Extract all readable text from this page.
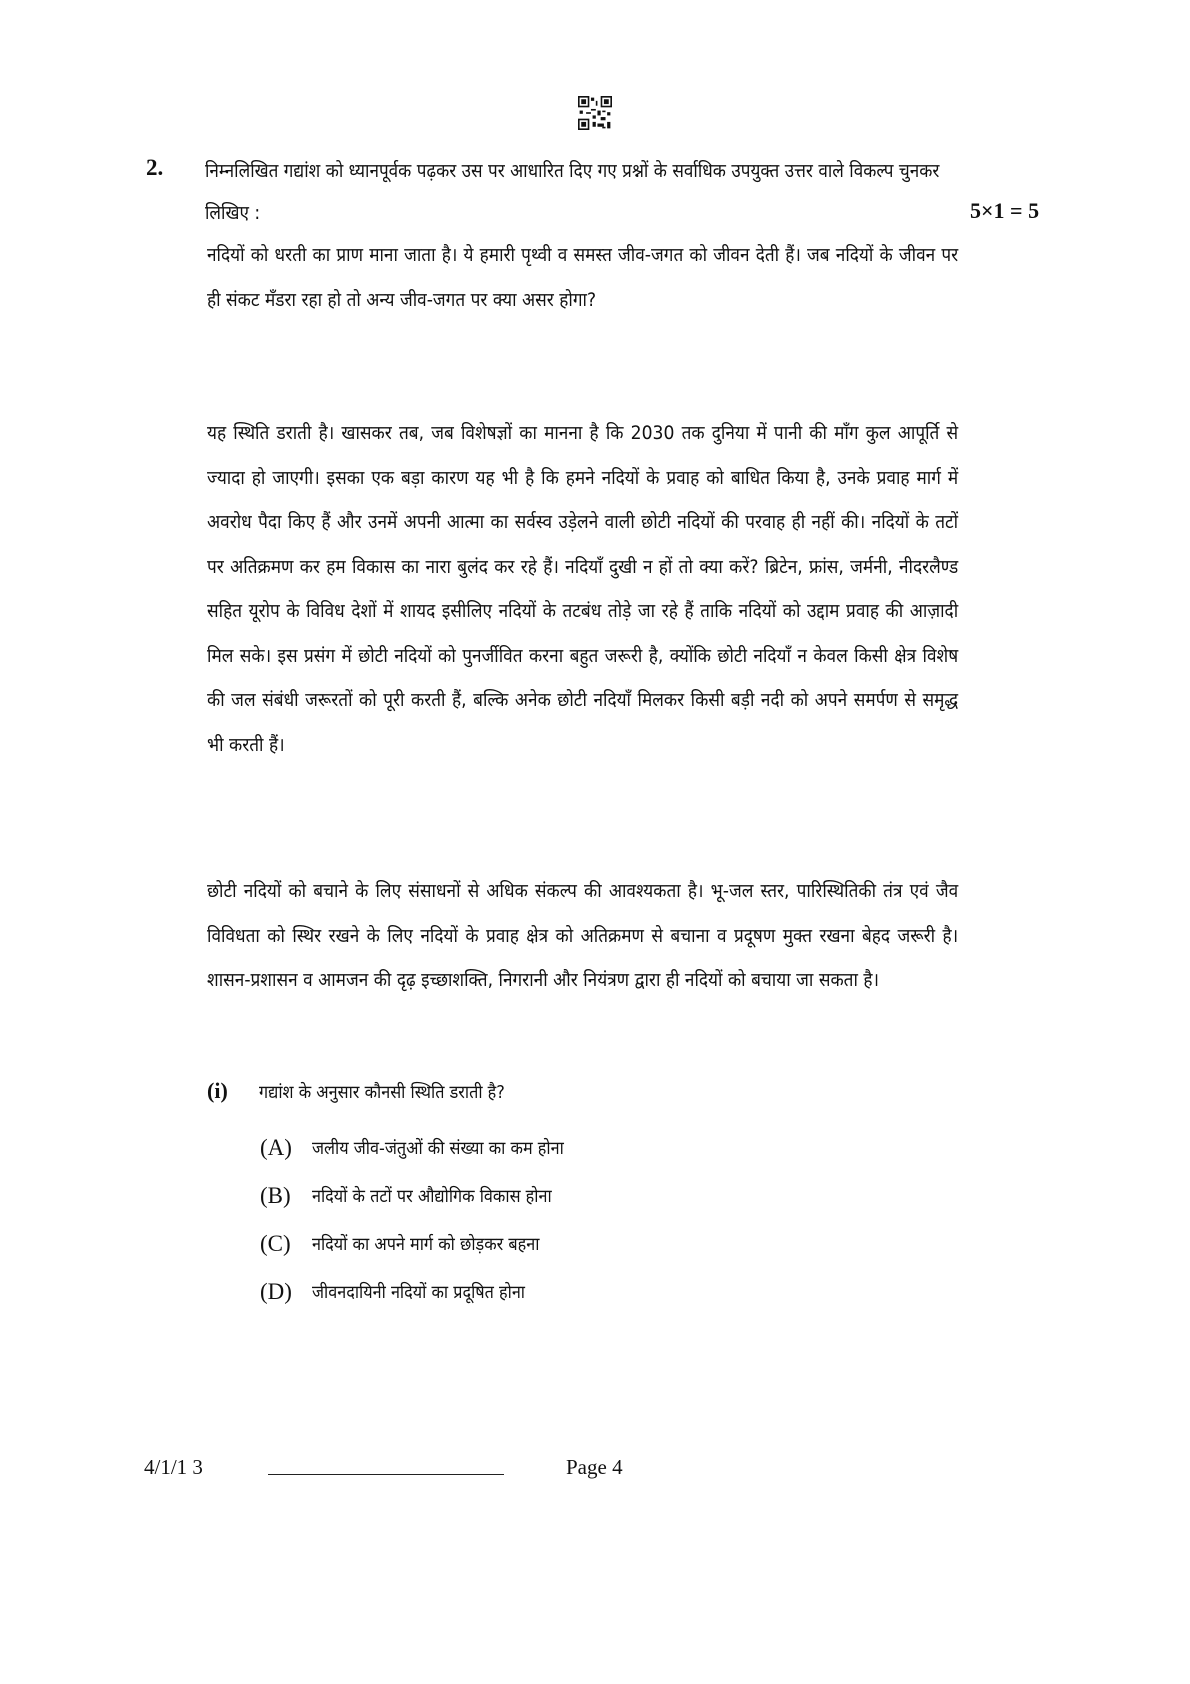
2. निम्नलिखित गद्यांश को ध्यानपूर्वक पढ़कर उस पर आधारित दिए गए प्रश्नों के सर्वाधिक उपयुक्त उत्तर वाले विकल्प चुनकर लिखिए :	5×1 = 5
नदियों को धरती का प्राण माना जाता है। ये हमारी पृथ्वी व समस्त जीव-जगत को जीवन देती हैं। जब नदियों के जीवन पर ही संकट मँडरा रहा हो तो अन्य जीव-जगत पर क्या असर होगा?
यह स्थिति डराती है। खासकर तब, जब विशेषज्ञों का मानना है कि 2030 तक दुनिया में पानी की माँग कुल आपूर्ति से ज्यादा हो जाएगी। इसका एक बड़ा कारण यह भी है कि हमने नदियों के प्रवाह को बाधित किया है, उनके प्रवाह मार्ग में अवरोध पैदा किए हैं और उनमें अपनी आत्मा का सर्वस्व उड़ेलने वाली छोटी नदियों की परवाह ही नहीं की। नदियों के तटों पर अतिक्रमण कर हम विकास का नारा बुलंद कर रहे हैं। नदियाँ दुखी न हों तो क्या करें? ब्रिटेन, फ्रांस, जर्मनी, नीदरलैण्ड सहित यूरोप के विविध देशों में शायद इसीलिए नदियों के तटबंध तोड़े जा रहे हैं ताकि नदियों को उद्दाम प्रवाह की आज़ादी मिल सके। इस प्रसंग में छोटी नदियों को पुनर्जीवित करना बहुत जरूरी है, क्योंकि छोटी नदियाँ न केवल किसी क्षेत्र विशेष की जल संबंधी जरूरतों को पूरी करती हैं, बल्कि अनेक छोटी नदियाँ मिलकर किसी बड़ी नदी को अपने समर्पण से समृद्ध भी करती हैं।
छोटी नदियों को बचाने के लिए संसाधनों से अधिक संकल्प की आवश्यकता है। भू-जल स्तर, पारिस्थितिकी तंत्र एवं जैव विविधता को स्थिर रखने के लिए नदियों के प्रवाह क्षेत्र को अतिक्रमण से बचाना व प्रदूषण मुक्त रखना बेहद जरूरी है। शासन-प्रशासन व आमजन की दृढ़ इच्छाशक्ति, निगरानी और नियंत्रण द्वारा ही नदियों को बचाया जा सकता है।
(i) गद्यांश के अनुसार कौनसी स्थिति डराती है?
(A)	जलीय जीव-जंतुओं की संख्या का कम होना
(B)	नदियों के तटों पर औद्योगिक विकास होना
(C)	नदियों का अपने मार्ग को छोड़कर बहना
(D)	जीवनदायिनी नदियों का प्रदूषित होना
4/1/1 3	Page 4
